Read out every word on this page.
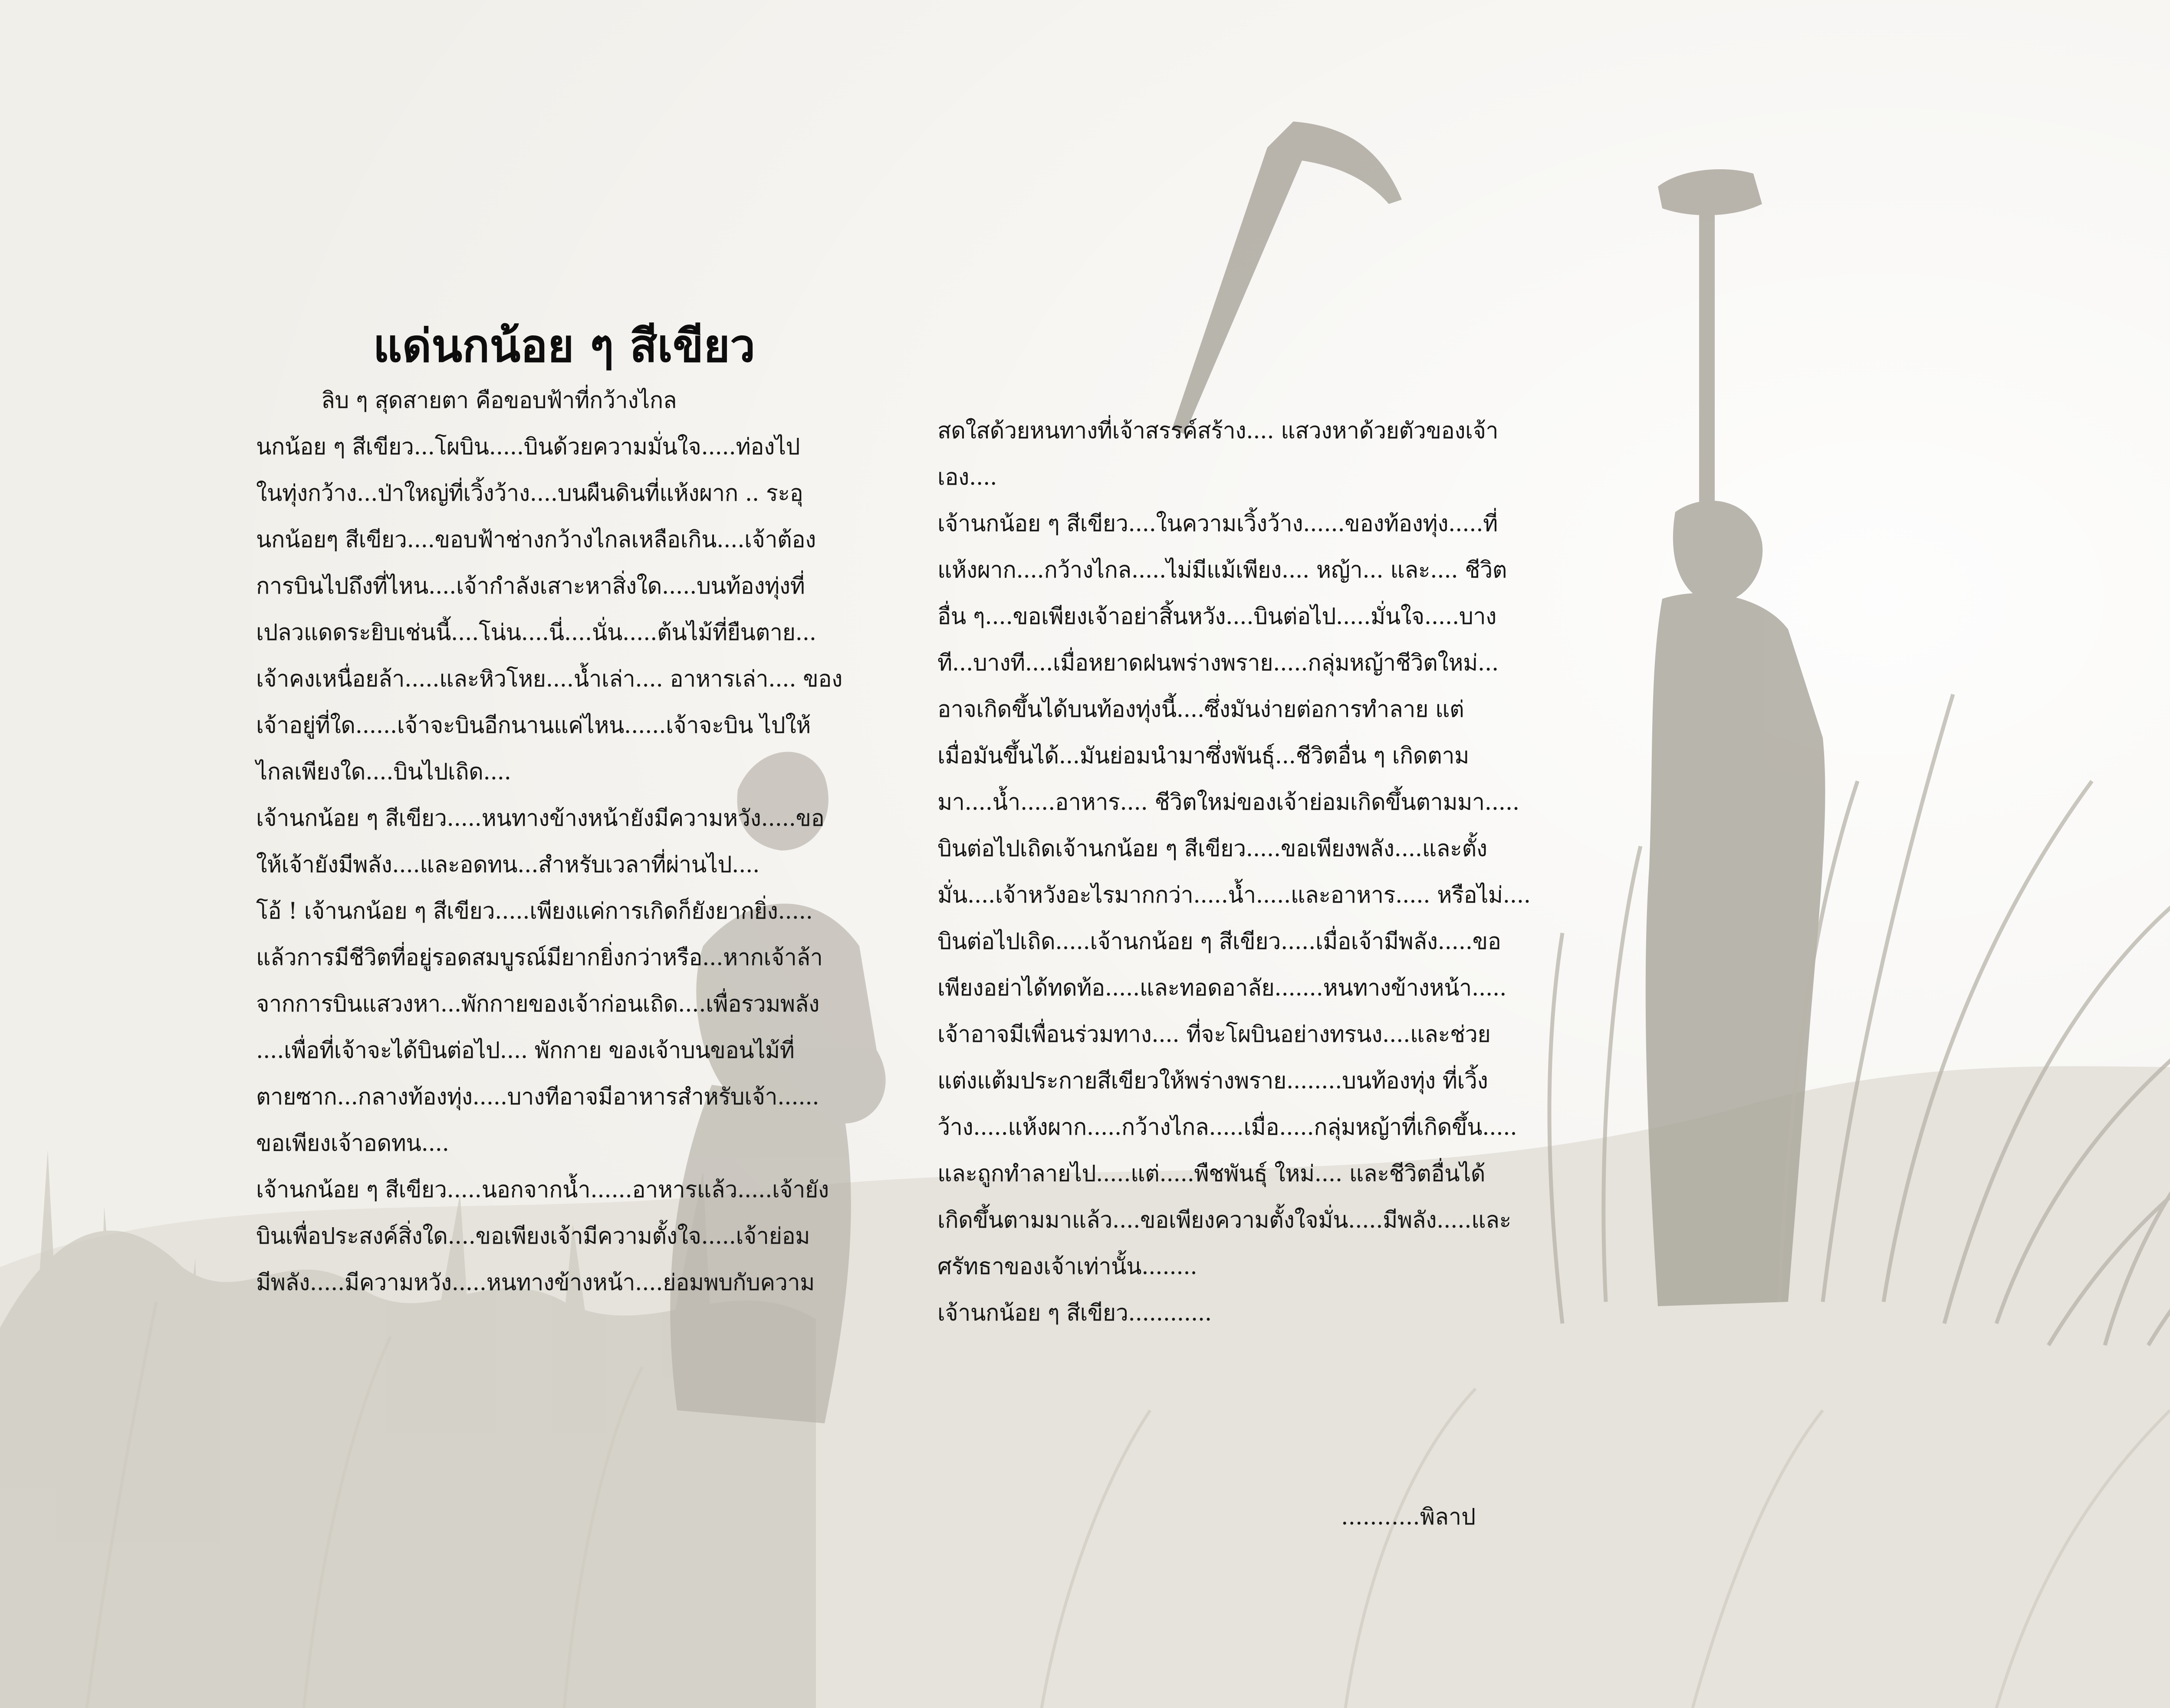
แด่นกน้อย ๆ สีเขียว

ลิบ ๆ สุดสายตา คือขอบฟ้าที่กว้างไกล
นกน้อย ๆ สีเขียว...โผบิน.....บินด้วยความมั่นใจ.....ท่องไป
ในทุ่งกว้าง...ป่าใหญ่ที่เวิ้งว้าง....บนผืนดินที่แห้งผาก .. ระอุ
นกน้อยๆ สีเขียว....ขอบฟ้าช่างกว้างไกลเหลือเกิน....เจ้าต้อง
การบินไปถึงที่ไหน....เจ้ากำลังเสาะหาสิ่งใด.....บนท้องทุ่งที่
เปลวแดดระยิบเช่นนี้....โน่น....นี่....นั่น.....ต้นไม้ที่ยืนตาย...
เจ้าคงเหนื่อยล้า.....และหิวโหย....น้ำเล่า.... อาหารเล่า.... ของ
เจ้าอยู่ที่ใด......เจ้าจะบินอีกนานแค่ไหน......เจ้าจะบิน ไปให้
ไกลเพียงใด....บินไปเถิด....

เจ้านกน้อย ๆ สีเขียว.....หนทางข้างหน้ายังมีความหวัง.....ขอ
ให้เจ้ายังมีพลัง....และอดทน...สำหรับเวลาที่ผ่านไป....

โอ้ ! เจ้านกน้อย ๆ สีเขียว.....เพียงแค่การเกิดก็ยังยากยิ่ง.....
แล้วการมีชีวิตที่อยู่รอดสมบูรณ์มียากยิ่งกว่าหรือ...หากเจ้าล้า
จากการบินแสวงหา...พักกายของเจ้าก่อนเถิด....เพื่อรวมพลัง
....เพื่อที่เจ้าจะได้บินต่อไป.... พักกาย ของเจ้าบนขอนไม้ที่
ตายซาก...กลางท้องทุ่ง.....บางทีอาจมีอาหารสำหรับเจ้า......
ขอเพียงเจ้าอดทน....

เจ้านกน้อย ๆ สีเขียว.....นอกจากน้ำ......อาหารแล้ว.....เจ้ายัง
บินเพื่อประสงค์สิ่งใด....ขอเพียงเจ้ามีความตั้งใจ.....เจ้าย่อม
มีพลัง.....มีความหวัง.....หนทางข้างหน้า....ย่อมพบกับความ

สดใสด้วยหนทางที่เจ้าสรรค์สร้าง.... แสวงหาด้วยตัวของเจ้า
เอง....

เจ้านกน้อย ๆ สีเขียว....ในความเวิ้งว้าง......ของท้องทุ่ง.....ที่
แห้งผาก....กว้างไกล.....ไม่มีแม้เพียง.... หญ้า... และ.... ชีวิต
อื่น ๆ....ขอเพียงเจ้าอย่าสิ้นหวัง....บินต่อไป.....มั่นใจ.....บาง
ที...บางที....เมื่อหยาดฝนพร่างพราย.....กลุ่มหญ้าชีวิตใหม่...
อาจเกิดขึ้นได้บนท้องทุ่งนี้....ซึ่งมันง่ายต่อการทำลาย แต่
เมื่อมันขึ้นได้...มันย่อมนำมาซึ่งพันธุ์...ชีวิตอื่น ๆ เกิดตาม
มา....น้ำ.....อาหาร.... ชีวิตใหม่ของเจ้าย่อมเกิดขึ้นตามมา.....
บินต่อไปเถิดเจ้านกน้อย ๆ สีเขียว.....ขอเพียงพลัง....และตั้ง
มั่น....เจ้าหวังอะไรมากกว่า.....น้ำ.....และอาหาร..... หรือไม่....
บินต่อไปเถิด.....เจ้านกน้อย ๆ สีเขียว.....เมื่อเจ้ามีพลัง.....ขอ
เพียงอย่าได้ทดท้อ.....และทอดอาลัย.......หนทางข้างหน้า.....
เจ้าอาจมีเพื่อนร่วมทาง.... ที่จะโผบินอย่างทรนง....และช่วย
แต่งแต้มประกายสีเขียวให้พร่างพราย........บนท้องทุ่ง ที่เวิ้ง
ว้าง.....แห้งผาก.....กว้างไกล.....เมื่อ.....กลุ่มหญ้าที่เกิดขึ้น.....
และถูกทำลายไป.....แต่.....พืชพันธุ์ ใหม่.... และชีวิตอื่นได้
เกิดขึ้นตามมาแล้ว....ขอเพียงความตั้งใจมั่น.....มีพลัง.....และ
ศรัทธาของเจ้าเท่านั้น........
เจ้านกน้อย ๆ สีเขียว............

...........พิลาป
